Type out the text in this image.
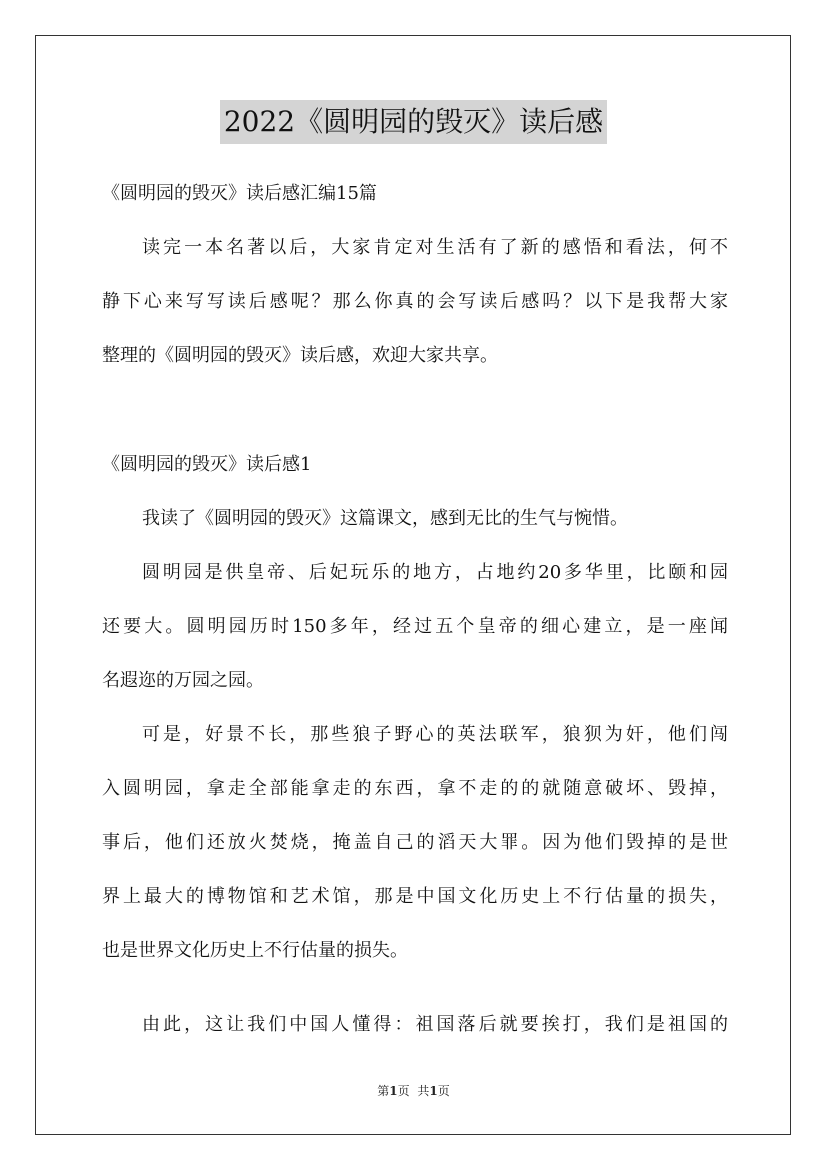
2022《圆明园的毁灭》读后感
《圆明园的毁灭》读后感汇编15篇
读完一本名著以后，大家肯定对生活有了新的感悟和看法，何不
静下心来写写读后感呢？那么你真的会写读后感吗？以下是我帮大家
整理的《圆明园的毁灭》读后感，欢迎大家共享。
《圆明园的毁灭》读后感1
我读了《圆明园的毁灭》这篇课文，感到无比的生气与惋惜。
圆明园是供皇帝、后妃玩乐的地方，占地约20多华里，比颐和园
还要大。圆明园历时150多年，经过五个皇帝的细心建立，是一座闻
名遐迩的万园之园。
可是，好景不长，那些狼子野心的英法联军，狼狈为奸，他们闯
入圆明园，拿走全部能拿走的东西，拿不走的的就随意破坏、毁掉，
事后，他们还放火焚烧，掩盖自己的滔天大罪。因为他们毁掉的是世
界上最大的博物馆和艺术馆，那是中国文化历史上不行估量的损失，
也是世界文化历史上不行估量的损失。
由此，这让我们中国人懂得：祖国落后就要挨打，我们是祖国的
第1页 共1页
